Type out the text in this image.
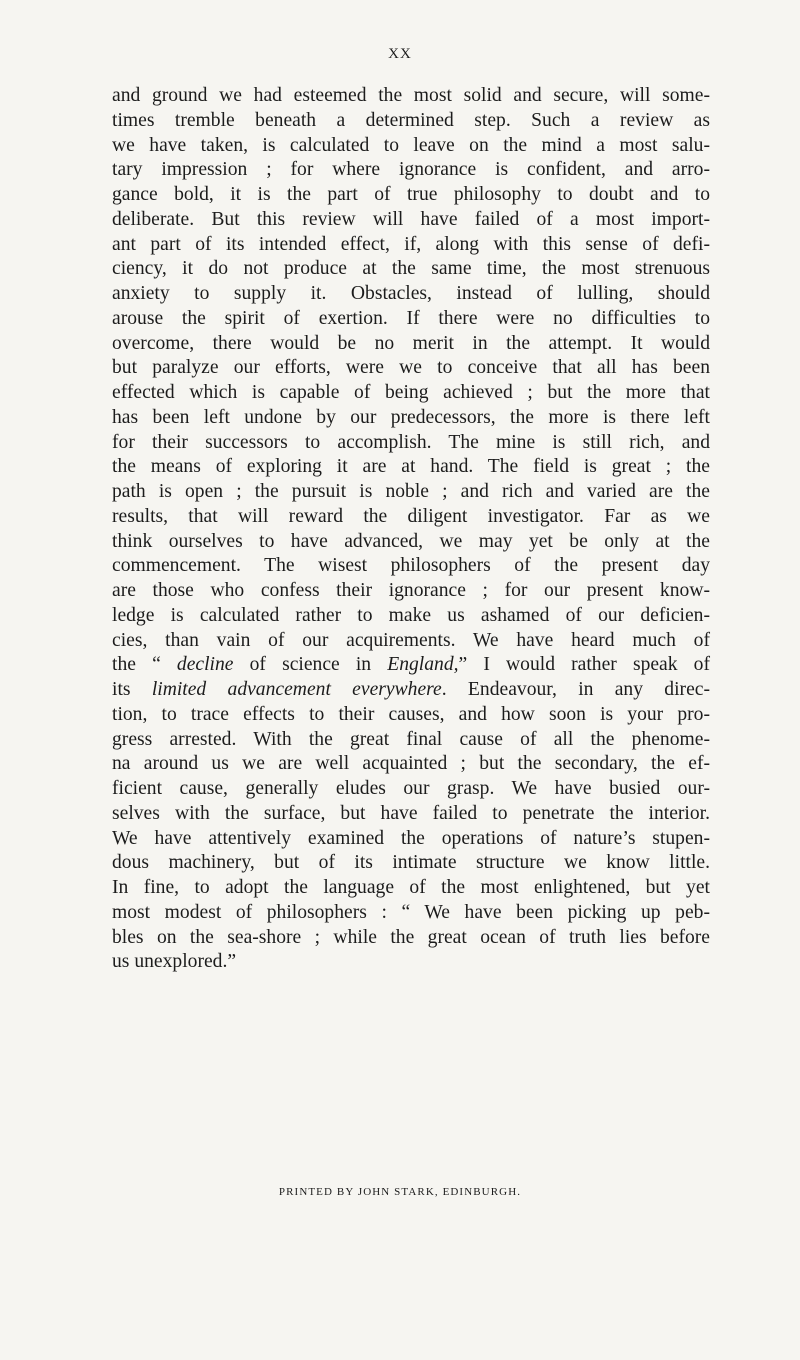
XX
and ground we had esteemed the most solid and secure, will some-
times tremble beneath a determined step. Such a review as
we have taken, is calculated to leave on the mind a most salu-
tary impression ; for where ignorance is confident, and arro-
gance bold, it is the part of true philosophy to doubt and to
deliberate. But this review will have failed of a most import-
ant part of its intended effect, if, along with this sense of defi-
ciency, it do not produce at the same time, the most strenuous
anxiety to supply it. Obstacles, instead of lulling, should
arouse the spirit of exertion. If there were no difficulties to
overcome, there would be no merit in the attempt. It would
but paralyze our efforts, were we to conceive that all has been
effected which is capable of being achieved ; but the more that
has been left undone by our predecessors, the more is there left
for their successors to accomplish. The mine is still rich, and
the means of exploring it are at hand. The field is great ; the
path is open ; the pursuit is noble ; and rich and varied are the
results, that will reward the diligent investigator. Far as we
think ourselves to have advanced, we may yet be only at the
commencement. The wisest philosophers of the present day
are those who confess their ignorance ; for our present know-
ledge is calculated rather to make us ashamed of our deficien-
cies, than vain of our acquirements. We have heard much of
the “ decline of science in England,” I would rather speak of
its limited advancement everywhere. Endeavour, in any direc-
tion, to trace effects to their causes, and how soon is your pro-
gress arrested. With the great final cause of all the phenome-
na around us we are well acquainted ; but the secondary, the ef-
ficient cause, generally eludes our grasp. We have busied our-
selves with the surface, but have failed to penetrate the interior.
We have attentively examined the operations of nature’s stupen-
dous machinery, but of its intimate structure we know little.
In fine, to adopt the language of the most enlightened, but yet
most modest of philosophers : “ We have been picking up peb-
bles on the sea-shore ; while the great ocean of truth lies before
us unexplored.”
PRINTED BY JOHN STARK, EDINBURGH.
